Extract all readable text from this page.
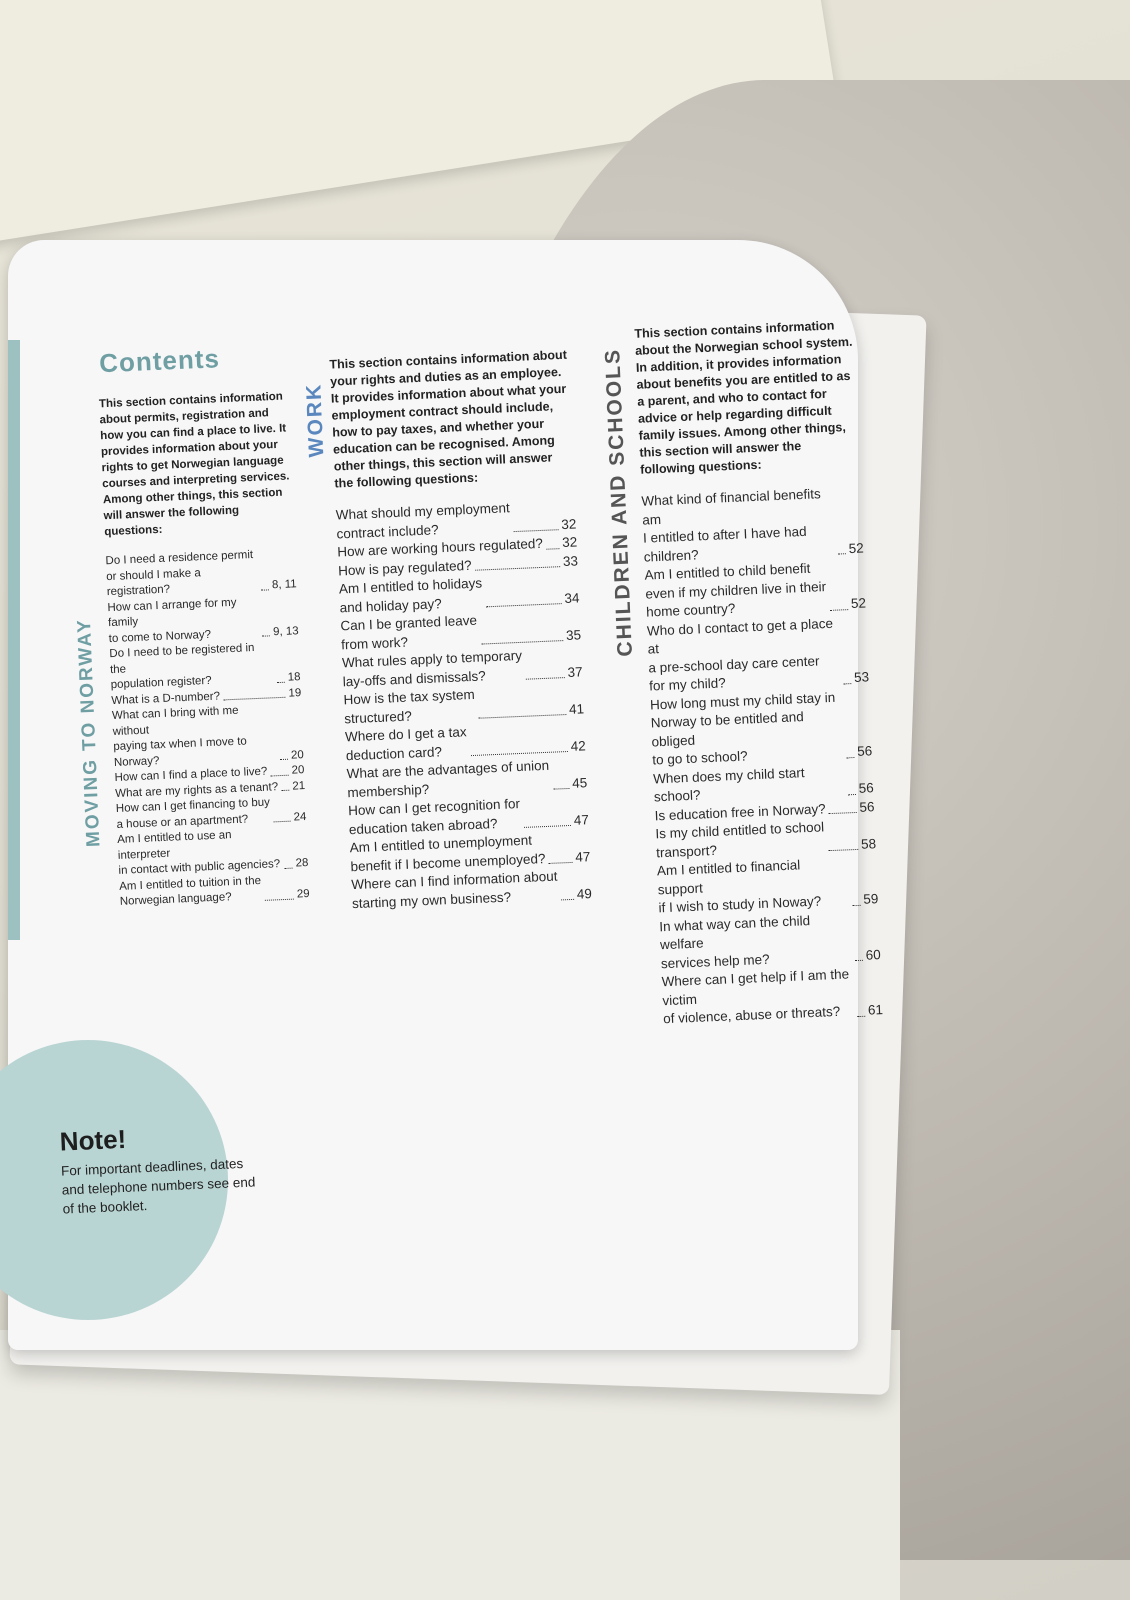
Contents
MOVING TO NORWAY

This section contains information about permits, registration and how you can find a place to live. It provides information about your rights to get Norwegian language courses and interpreting services. Among other things, this section will answer the following questions:

Do I need a residence permit
or should I make a registration?	8, 11
How can I arrange for my family
to come to Norway?	9, 13
Do I need to be registered in the
population register?	18
What is a D-number?	19
What can I bring with me without
paying tax when I move to Norway?	20
How can I find a place to live? 20
What are my rights as a tenant? 21
How can I get financing to buy
a house or an apartment?	24
Am I entitled to use an interpreter
in contact with public agencies? 28
Am I entitled to tuition in the
Norwegian language?	29
WORK

This section contains information about your rights and duties as an employee. It provides information about what your employment contract should include, how to pay taxes, and whether your education can be recognised. Among other things, this section will answer the following questions:

What should my employment
contract include?	32
How are working hours regulated? 32
How is pay regulated?	33
Am I entitled to holidays
and holiday pay?	34
Can I be granted leave
from work?	35
What rules apply to temporary
lay-offs and dismissals?	37
How is the tax system
structured?	41
Where do I get a tax
deduction card?	42
What are the advantages of union
membership?	45
How can I get recognition for
education taken abroad?	47
Am I entitled to unemployment
benefit if I become unemployed? 47
Where can I find information about
starting my own business?	49
CHILDREN AND SCHOOLS

This section contains information about the Norwegian school system. In addition, it provides information about benefits you are entitled to as a parent, and who to contact for advice or help regarding difficult family issues. Among other things, this section will answer the following questions:

What kind of financial benefits am
I entitled to after I have had
children?	52
Am I entitled to child benefit
even if my children live in their
home country?	52
Who do I contact to get a place at
a pre-school day care center
for my child?	53
How long must my child stay in
Norway to be entitled and obliged
to go to school?	56
When does my child start school?	56
Is education free in Norway? 56
Is my child entitled to school
transport?	58
Am I entitled to financial support
if I wish to study in Noway?	59
In what way can the child welfare
services help me?	60
Where can I get help if I am the victim
of violence, abuse or threats?	61
Note!

For important deadlines, dates and telephone numbers see end of the booklet.
